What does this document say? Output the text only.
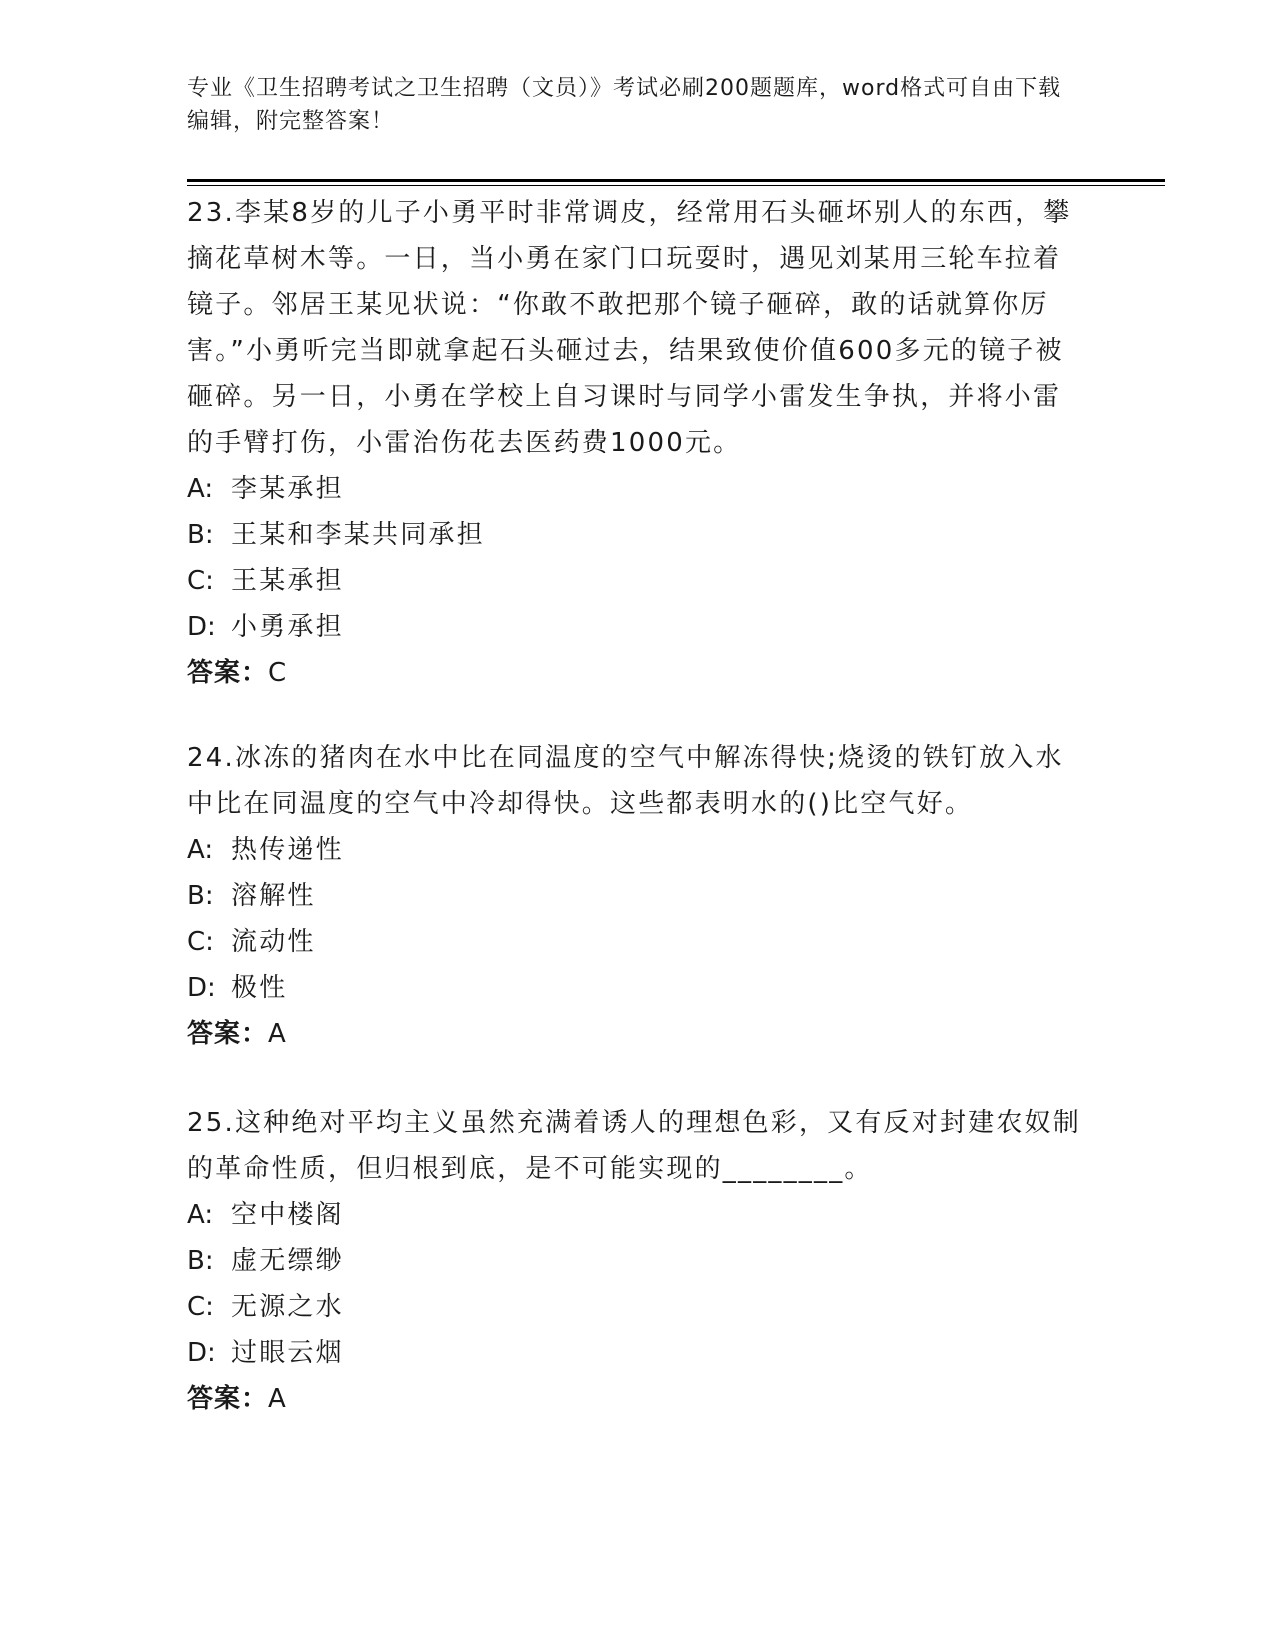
专业《卫生招聘考试之卫生招聘（文员）》考试必刷200题题库，word格式可自由下载编辑，附完整答案！

23.李某8岁的儿子小勇平时非常调皮，经常用石头砸坏别人的东西，攀摘花草树木等。一日，当小勇在家门口玩耍时，遇见刘某用三轮车拉着镜子。邻居王某见状说：“你敢不敢把那个镜子砸碎，敢的话就算你厉害。”小勇听完当即就拿起石头砸过去，结果致使价值600多元的镜子被砸碎。另一日，小勇在学校上自习课时与同学小雷发生争执，并将小雷的手臂打伤，小雷治伤花去医药费1000元。

A: 李某承担

B: 王某和李某共同承担

C: 王某承担

D: 小勇承担

答案：C

24.冰冻的猪肉在水中比在同温度的空气中解冻得快;烧烫的铁钉放入水中比在同温度的空气中冷却得快。这些都表明水的()比空气好。

A: 热传递性

B: 溶解性

C: 流动性

D: 极性

答案：A

25.这种绝对平均主义虽然充满着诱人的理想色彩，又有反对封建农奴制的革命性质，但归根到底，是不可能实现的________。

A: 空中楼阁

B: 虚无缥缈

C: 无源之水

D: 过眼云烟

答案：A
